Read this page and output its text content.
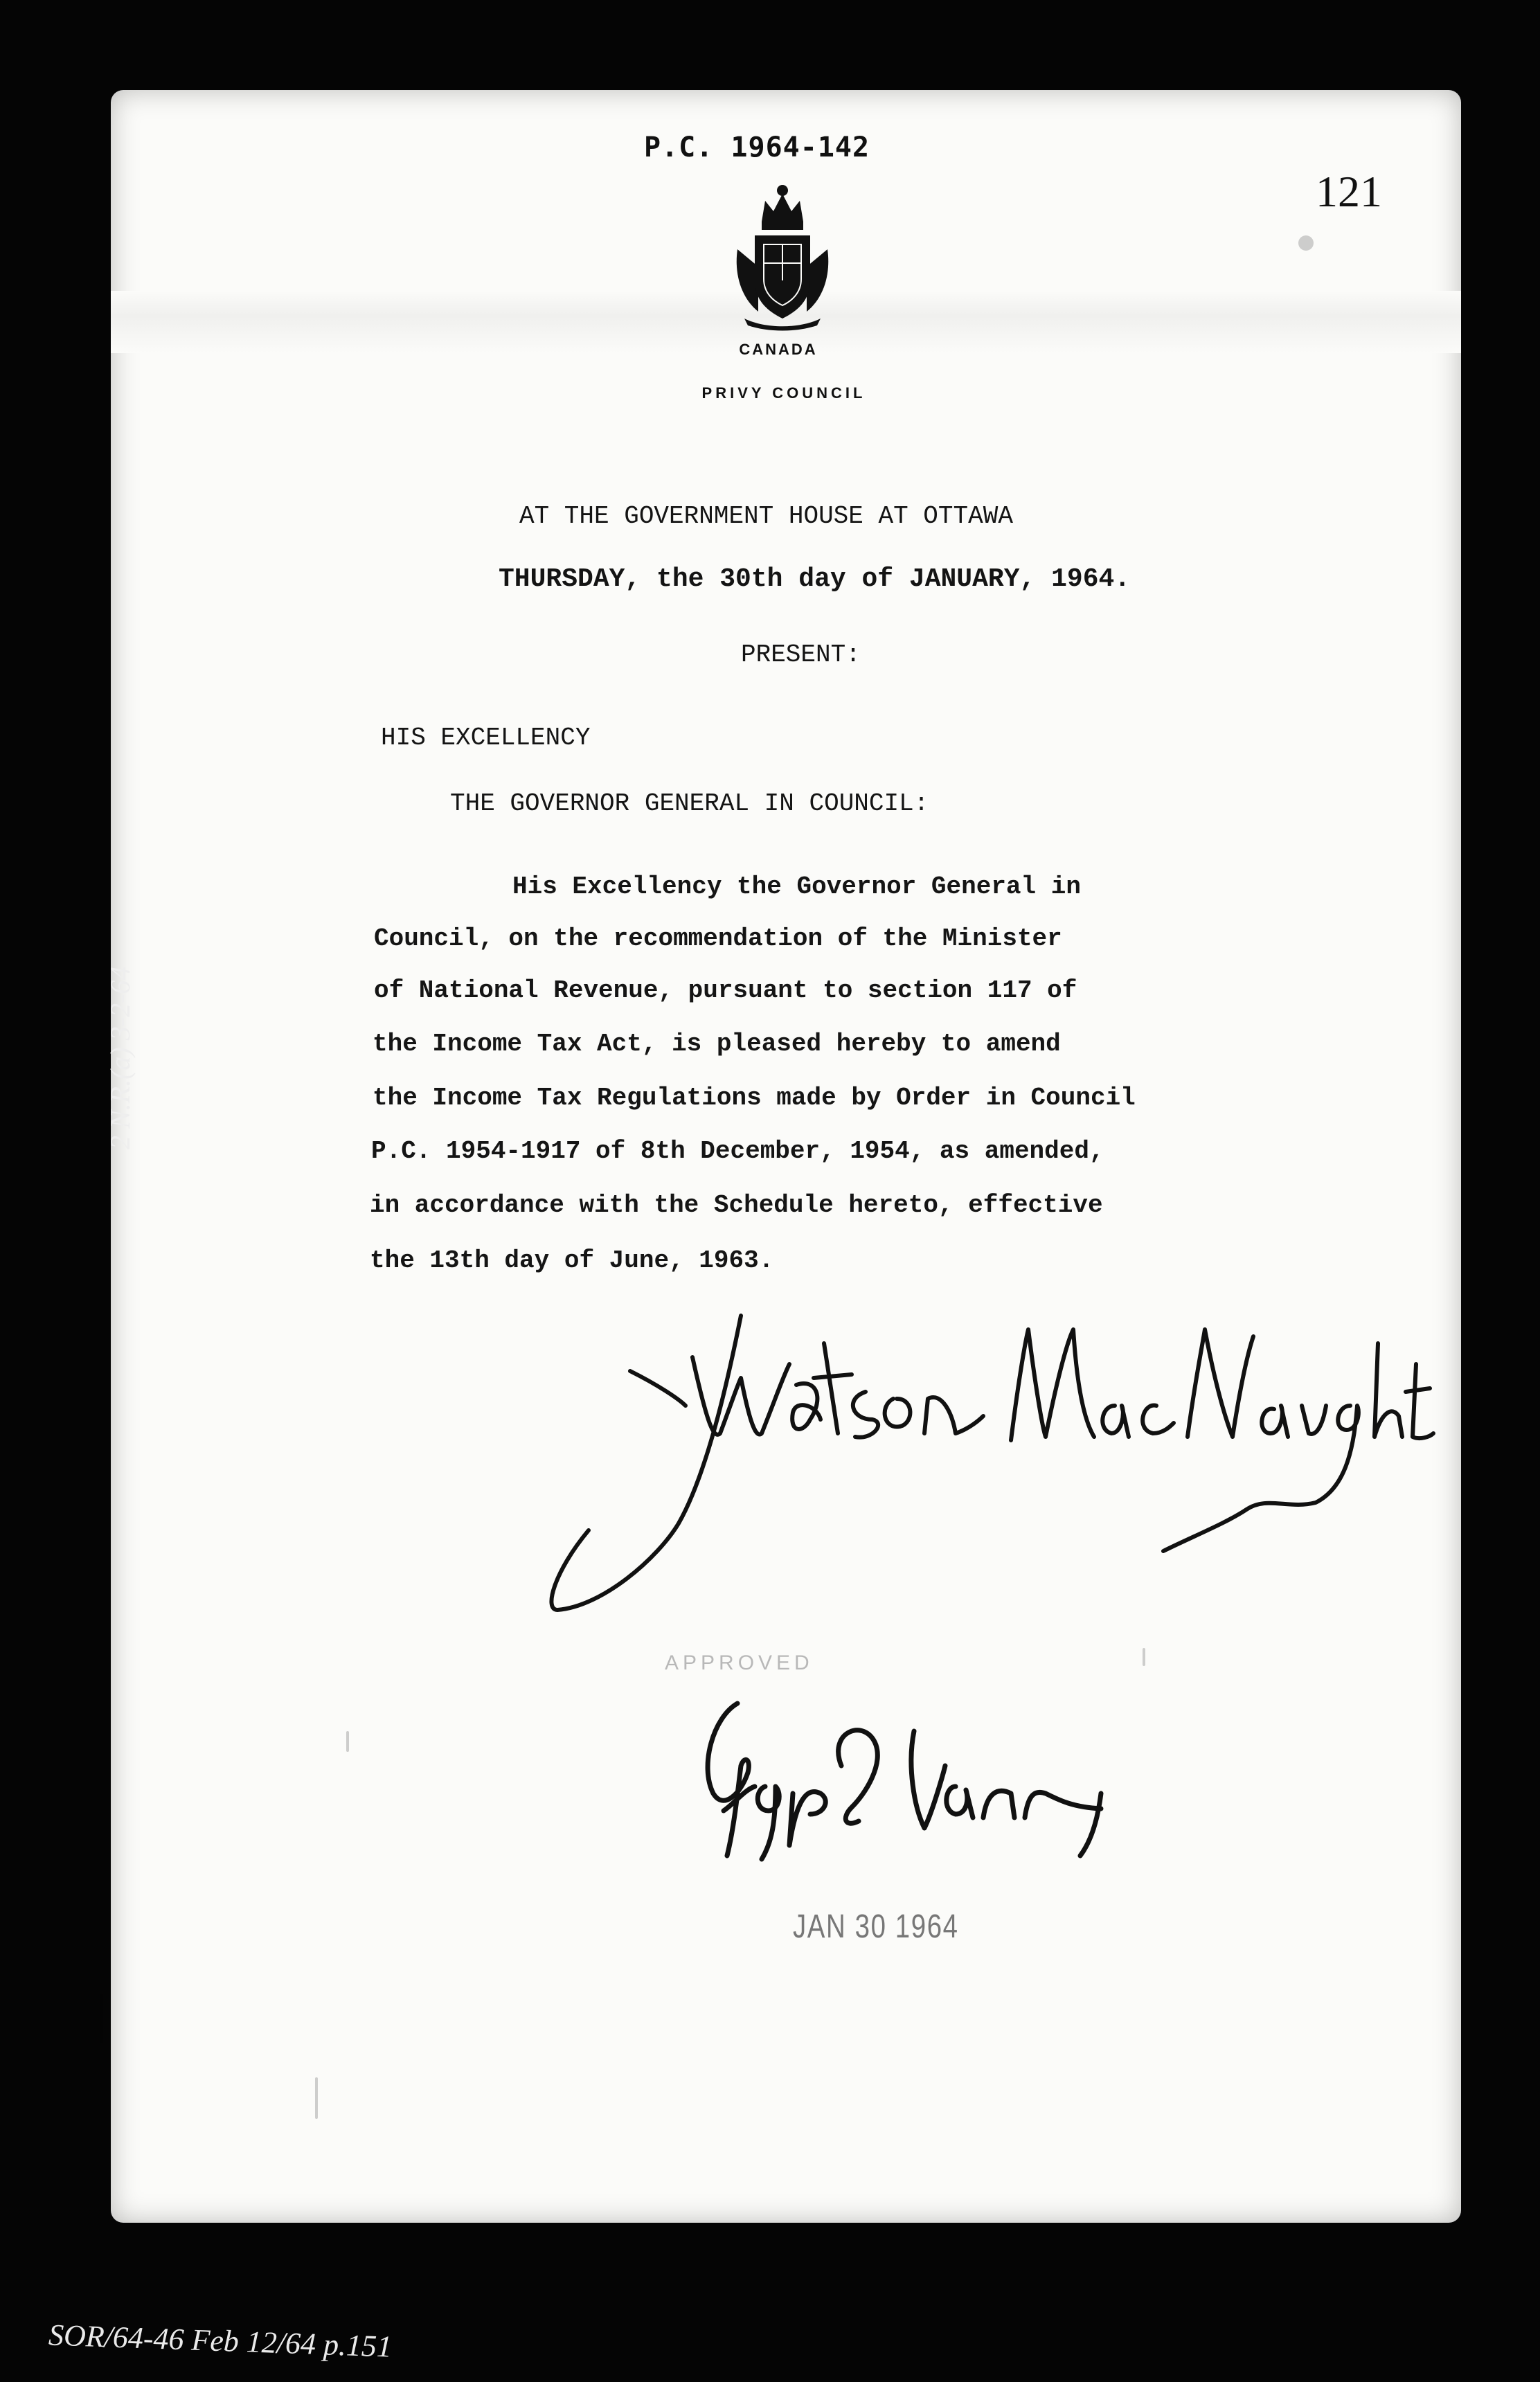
P.C. 1964-142
121
CANADA
PRIVY COUNCIL
AT THE GOVERNMENT HOUSE AT OTTAWA
THURSDAY, the 30th day of JANUARY, 1964.
PRESENT:
HIS EXCELLENCY
THE GOVERNOR GENERAL IN COUNCIL:
His Excellency the Governor General in
Council, on the recommendation of the Minister
of National Revenue, pursuant to section 117 of
the Income Tax Act, is pleased hereby to amend
the Income Tax Regulations made by Order in Council
P.C. 1954-1917 of 8th December, 1954, as amended,
in accordance with the Schedule hereto, effective
the 13th day of June, 1963.
APPROVED
JAN 30 1964
2 N.R.(a) 3-2-64
SOR/64-46 Feb 12/64 p.151
